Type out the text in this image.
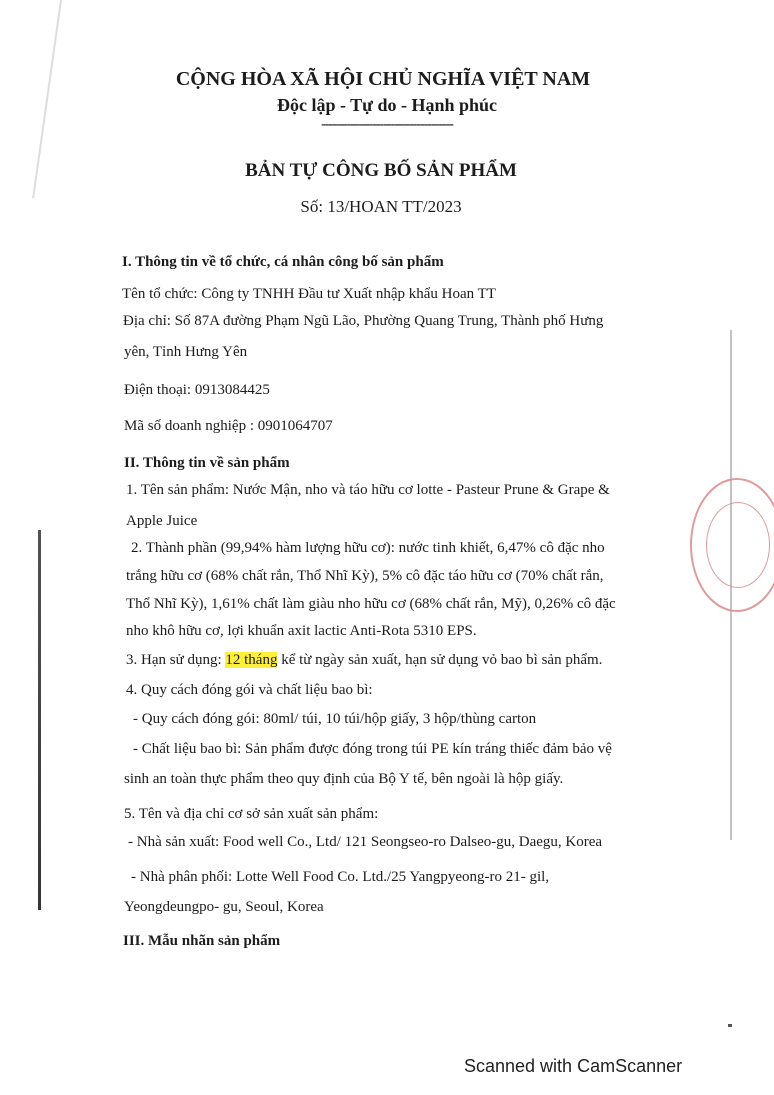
CỘNG HÒA XÃ HỘI CHỦ NGHĨA VIỆT NAM
Độc lập - Tự do - Hạnh phúc
------------------------------------
BẢN TỰ CÔNG BỐ SẢN PHẨM
Số: 13/HOAN TT/2023
I. Thông tin về tổ chức, cá nhân công bố sản phẩm
Tên tổ chức: Công ty TNHH Đầu tư Xuất nhập khẩu Hoan TT
Địa chỉ: Số 87A đường Phạm Ngũ Lão, Phường Quang Trung, Thành phố Hưng
yên, Tỉnh Hưng Yên
Điện thoại: 0913084425
Mã số doanh nghiệp : 0901064707
II. Thông tin về sản phẩm
1. Tên sản phẩm: Nước Mận, nho và táo hữu cơ lotte - Pasteur Prune & Grape &
Apple Juice
2. Thành phần (99,94% hàm lượng hữu cơ): nước tinh khiết, 6,47% cô đặc nho
trắng hữu cơ (68% chất rắn, Thổ Nhĩ Kỳ), 5% cô đặc táo hữu cơ (70% chất rắn,
Thổ Nhĩ Kỳ), 1,61% chất làm giàu nho hữu cơ (68% chất rắn, Mỹ), 0,26% cô đặc
nho khô hữu cơ, lợi khuẩn axit lactic Anti-Rota 5310 EPS.
3. Hạn sử dụng: 12 tháng kể từ ngày sản xuất, hạn sử dụng vỏ bao bì sản phẩm.
4. Quy cách đóng gói và chất liệu bao bì:
- Quy cách đóng gói: 80ml/ túi, 10 túi/hộp giấy, 3 hộp/thùng carton
- Chất liệu bao bì: Sản phẩm được đóng trong túi PE kín tráng thiếc đảm bảo vệ
sinh an toàn thực phẩm theo quy định của Bộ Y tế, bên ngoài là hộp giấy.
5. Tên và địa chỉ cơ sở sản xuất sản phẩm:
- Nhà sản xuất: Food well Co., Ltd/ 121 Seongseo-ro Dalseo-gu, Daegu, Korea
- Nhà phân phối: Lotte Well Food Co. Ltd./25 Yangpyeong-ro 21- gil,
Yeongdeungpo- gu, Seoul, Korea
III. Mẫu nhãn sản phẩm
Scanned with CamScanner
